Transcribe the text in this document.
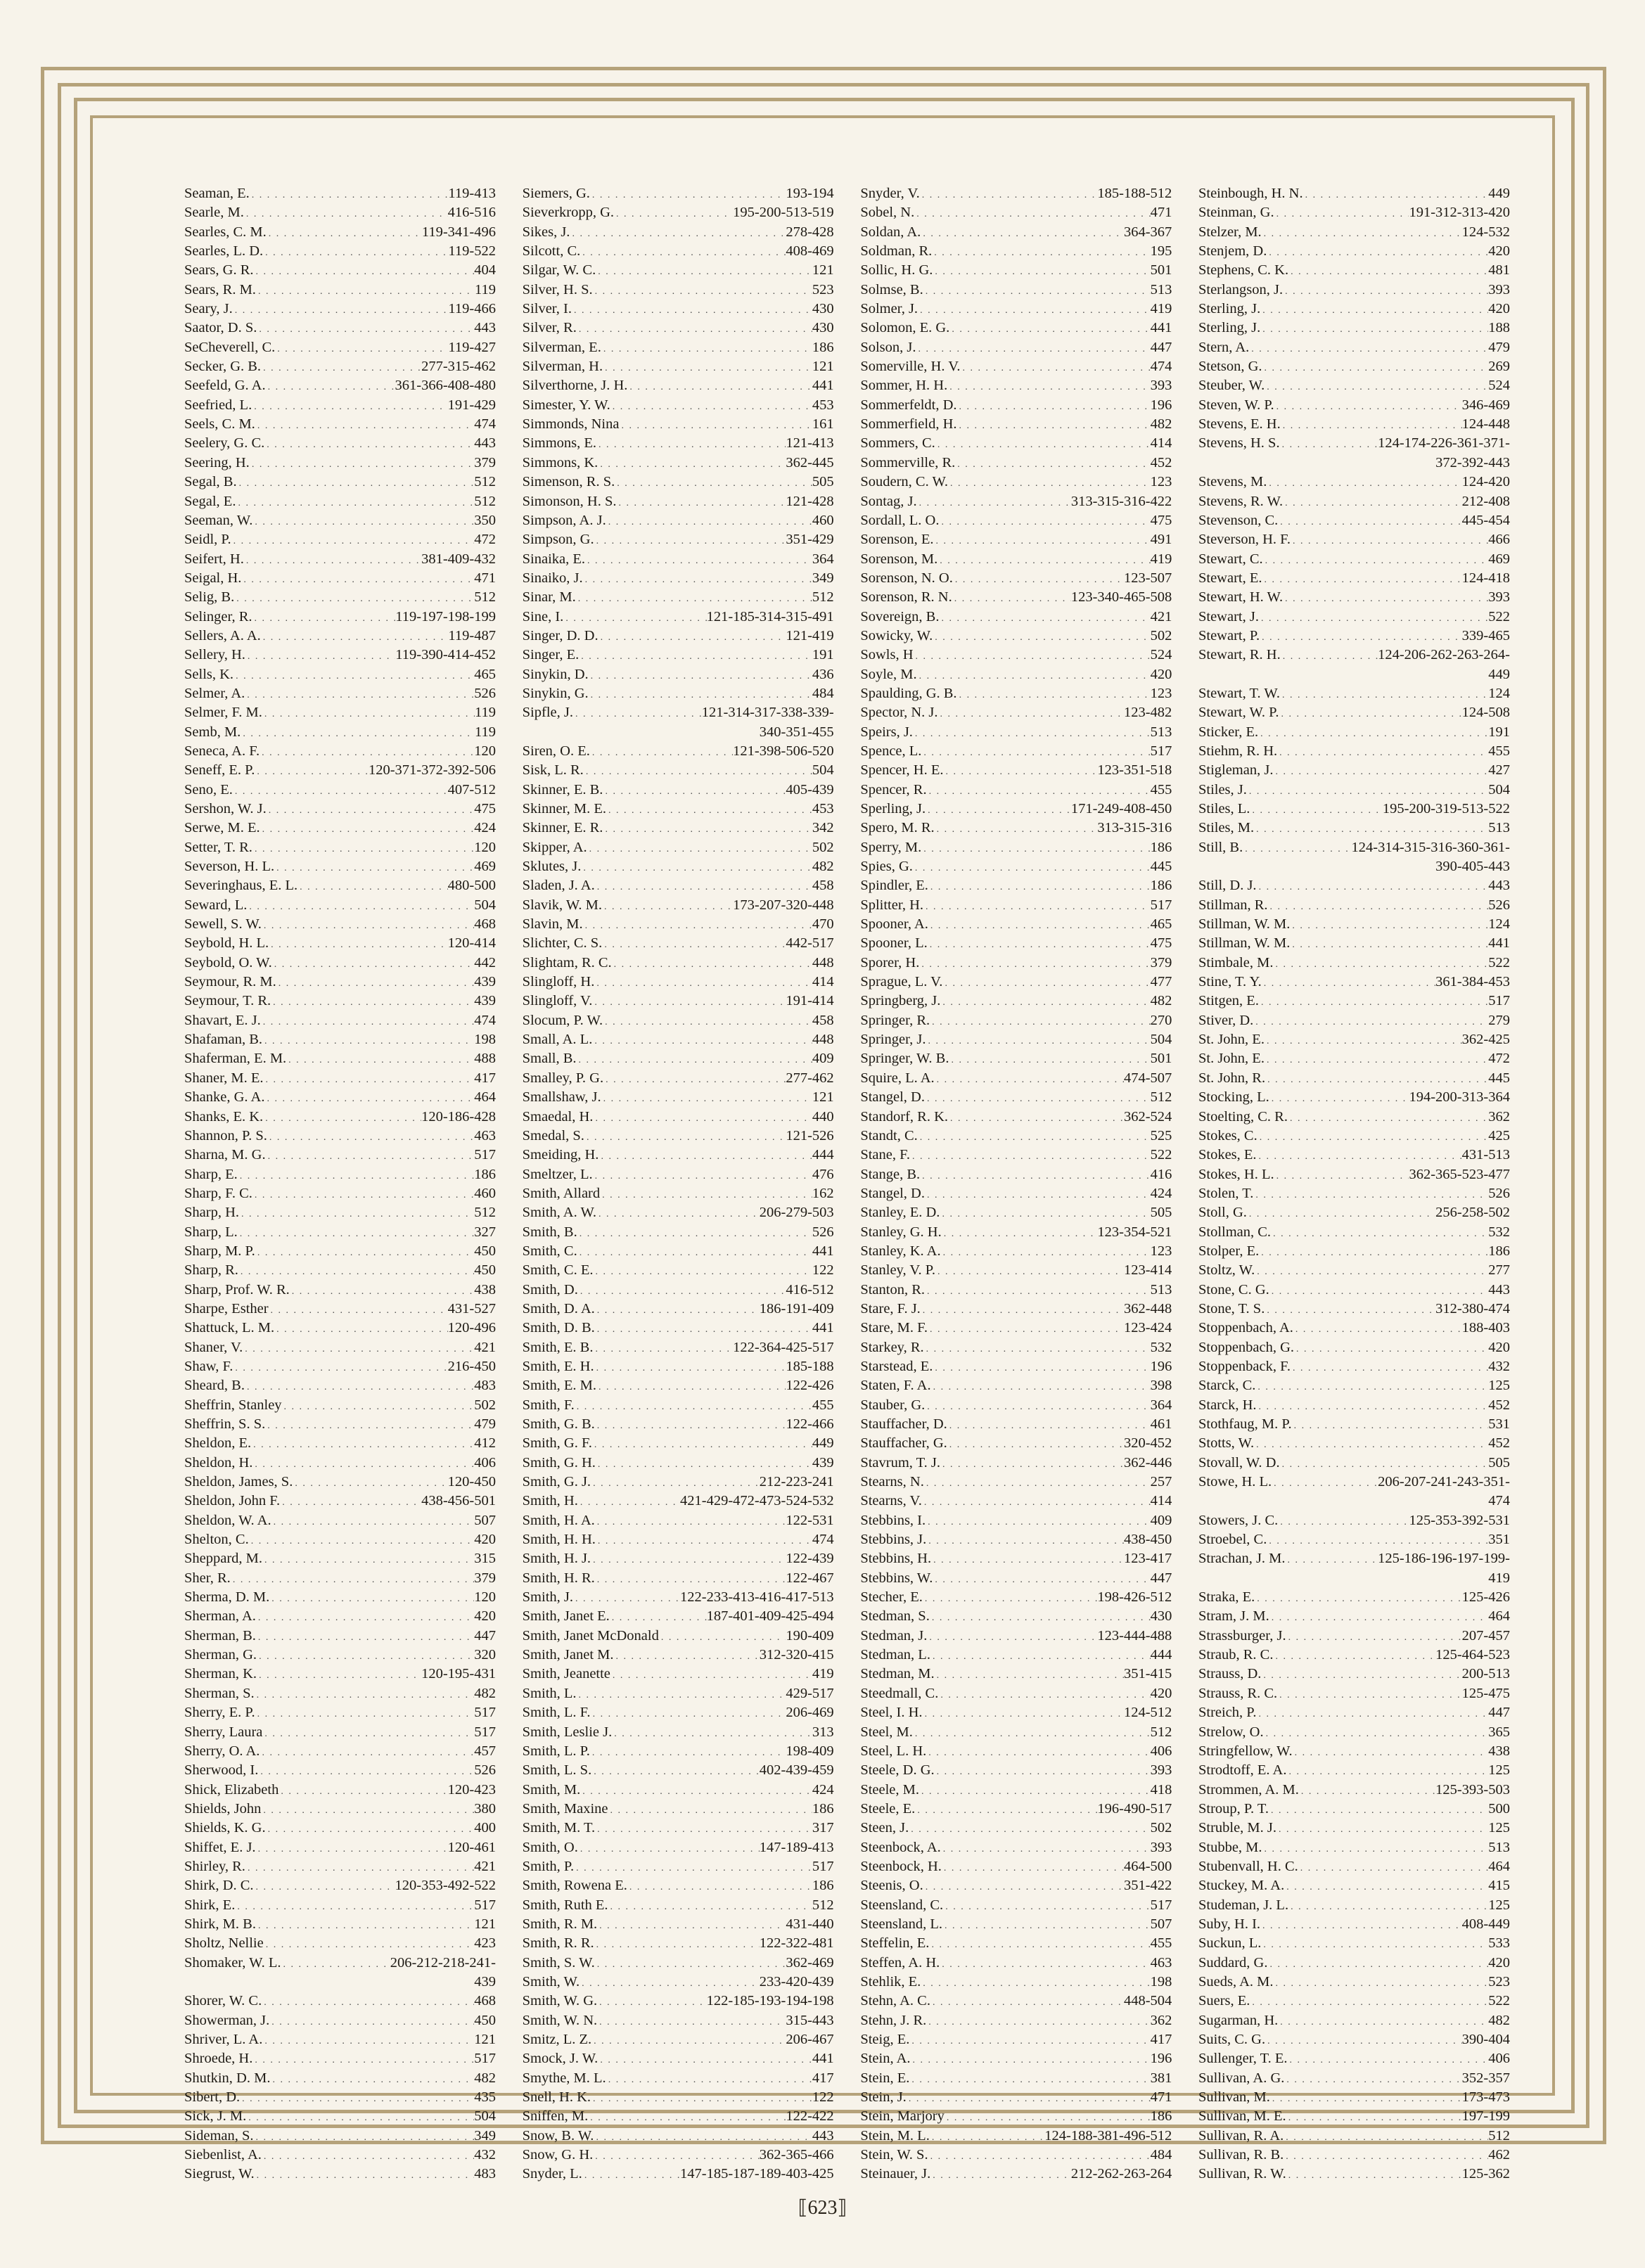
Seaman, E. . . .	119-413
Searle, M. . . .	416-516
Searles, C. M. . . .	119-341-496
Searles, L. D. . . .	119-522
Sears, G. R. . . .	404
Sears, R. M. . . .	119
Seary, J. . . .	119-466
Saator, D. S. . . .	443
SeCheverell, C. . . .	119-427
Secker, G. B. . . .	277-315-462
Seefeld, G. A. . . .	361-366-408-480
Seefried, L. . . .	191-429
Seels, C. M. . . .	474
Seelery, G. C. . . .	443
Seering, H. . . .	379
Segal, B. . . .	512
Segal, E. . . .	512
Seeman, W. . . .	350
Seidl, P. . . .	472
Seifert, H. . . .	381-409-432
Seigal, H. . . .	471
Selig, B. . . .	512
Selinger, R. . . .	119-197-198-199
Sellers, A. A. . . .	119-487
Sellery, H. . . .	119-390-414-452
Sells, K. . . .	465
Selmer, A. . . .	526
Selmer, F. M. . . .	119
Semb, M. . . .	119
Seneca, A. F. . . .	120
Seneff, E. P. . . .	120-371-372-392-506
Seno, E. . . .	407-512
Sershon, W. J. . . .	475
Serwe, M. E. . . .	424
Setter, T. R. . . .	120
Severson, H. L. . . .	469
Severinghaus, E. L. . . .	480-500
Seward, L. . . .	504
Sewell, S. W. . . .	468
Seybold, H. L. . . .	120-414
Seybold, O. W. . . .	442
Seymour, R. M. . . .	439
Seymour, T. R. . . .	439
Shavart, E. J. . . .	474
Shafaman, B. . . .	198
Shaferman, E. M. . . .	488
Shaner, M. E. . . .	417
Shanke, G. A. . . .	464
Shanks, E. K. . . .	120-186-428
Shannon, P. S. . . .	463
Sharna, M. G. . . .	517
Sharp, E. . . .	186
Sharp, F. C. . . .	460
Sharp, H. . . .	512
Sharp, L. . . .	327
Sharp, M. P. . . .	450
Sharp, R. . . .	450
Sharp, Prof. W. R. . . .	438
Sharpe, Esther . . .	431-527
Shattuck, L. M. . . .	120-496
Shaner, V. . . .	421
Shaw, F. . . .	216-450
Sheard, B. . . .	483
Sheffrin, Stanley . . .	502
Sheffrin, S. S. . . .	479
Sheldon, E. . . .	412
Sheldon, H. . . .	406
Sheldon, James, S. . . .	120-450
Sheldon, John F. . . .	438-456-501
Sheldon, W. A. . . .	507
Shelton, C. . . .	420
Sheppard, M. . . .	315
Sher, R. . . .	379
Sherma, D. M. . . .	120
Sherman, A. . . .	420
Sherman, B. . . .	447
Sherman, G. . . .	320
Sherman, K. . . .	120-195-431
Sherman, S. . . .	482
Sherry, E. P. . . .	517
Sherry, Laura . . .	517
Sherry, O. A. . . .	457
Sherwood, I. . . .	526
Shick, Elizabeth . . .	120-423
Shields, John . . .	380
Shields, K. G. . . .	400
Shiffet, E. J. . . .	120-461
Shirley, R. . . .	421
Shirk, D. C. . . .	120-353-492-522
Shirk, E. . . .	517
Shirk, M. B. . . .	121
Sholtz, Nellie . . .	423
Shomaker, W. L. . . .	206-212-218-241-
439
Shorer, W. C. . . .	468
Showerman, J. . . .	450
Shriver, L. A. . . .	121
Shroede, H. . . .	517
Shutkin, D. M. . . .	482
Sibert, D. . . .	435
Sick, J. M. . . .	504
Sideman, S. . . .	349
Siebenlist, A. . . .	432
Siegrust, W. . . .	483
Siemers, G. . . .	193-194
Sieverkropp, G. . . .	195-200-513-519
Sikes, J. . . .	278-428
Silcott, C. . . .	408-469
Silgar, W. C. . . .	121
Silver, H. S. . . .	523
Silver, I. . . .	430
Silver, R. . . .	430
Silverman, E. . . .	186
Silverman, H. . . .	121
Silverthorne, J. H. . . .	441
Simester, Y. W. . . .	453
Simmonds, Nina . . .	161
Simmons, E. . . .	121-413
Simmons, K. . . .	362-445
Simenson, R. S. . . .	505
Simonson, H. S. . . .	121-428
Simpson, A. J. . . .	460
Simpson, G. . . .	351-429
Sinaika, E. . . .	364
Sinaiko, J. . . .	349
Sinar, M. . . .	512
Sine, I. . . .	121-185-314-315-491
Singer, D. D. . . .	121-419
Singer, E. . . .	191
Sinykin, D. . . .	436
Sinykin, G. . . .	484
Sipfle, J. . . .	121-314-317-338-339-
340-351-455
Siren, O. E. . . .	121-398-506-520
Sisk, L. R. . . .	504
Skinner, E. B. . . .	405-439
Skinner, M. E. . . .	453
Skinner, E. R. . . .	342
Skipper, A. . . .	502
Sklutes, J. . . .	482
Sladen, J. A. . . .	458
Slavik, W. M. . . .	173-207-320-448
Slavin, M. . . .	470
Slichter, C. S. . . .	442-517
Slightam, R. C. . . .	448
Slingloff, H. . . .	414
Slingloff, V. . . .	191-414
Slocum, P. W. . . .	458
Small, A. L. . . .	448
Small, B. . . .	409
Smalley, P. G. . . .	277-462
Smallshaw, J. . . .	121
Smaedal, H. . . .	440
Smedal, S. . . .	121-526
Smeiding, H. . . .	444
Smeltzer, L. . . .	476
Smith, Allard . . .	162
Smith, A. W. . . .	206-279-503
Smith, B. . . .	526
Smith, C. . . .	441
Smith, C. E. . . .	122
Smith, D. . . .	416-512
Smith, D. A. . . .	186-191-409
Smith, D. B. . . .	441
Smith, E. B. . . .	122-364-425-517
Smith, E. H. . . .	185-188
Smith, E. M. . . .	122-426
Smith, F. . . .	455
Smith, G. B. . . .	122-466
Smith, G. F. . . .	449
Smith, G. H. . . .	439
Smith, G. J. . . .	212-223-241
Smith, H. . . .	421-429-472-473-524-532
Smith, H. A. . . .	122-531
Smith, H. H. . . .	474
Smith, H. J. . . .	122-439
Smith, H. R. . . .	122-467
Smith, J. . . .	122-233-413-416-417-513
Smith, Janet E. . . .	187-401-409-425-494
Smith, Janet McDonald . . .	190-409
Smith, Janet M. . . .	312-320-415
Smith, Jeanette . . .	419
Smith, L. . . .	429-517
Smith, L. F. . . .	206-469
Smith, Leslie J. . . .	313
Smith, L. P. . . .	198-409
Smith, L. S. . . .	402-439-459
Smith, M. . . .	424
Smith, Maxine . . .	186
Smith, M. T. . . .	317
Smith, O. . . .	147-189-413
Smith, P. . . .	517
Smith, Rowena E. . . .	186
Smith, Ruth E. . . .	512
Smith, R. M. . . .	431-440
Smith, R. R. . . .	122-322-481
Smith, S. W. . . .	362-469
Smith, W. . . .	233-420-439
Smith, W. G. . . .	122-185-193-194-198
Smith, W. N. . . .	315-443
Smitz, L. Z. . . .	206-467
Smock, J. W. . . .	441
Smythe, M. L. . . .	417
Snell, H. K. . . .	122
Sniffen, M. . . .	122-422
Snow, B. W. . . .	443
Snow, G. H. . . .	362-365-466
Snyder, L. . . .	147-185-187-189-403-425
Snyder, V. . . .	185-188-512
Sobel, N. . . .	471
Soldan, A. . . .	364-367
Soldman, R. . . .	195
Sollic, H. G. . . .	501
Solmse, B. . . .	513
Solmer, J. . . .	419
Solomon, E. G. . . .	441
Solson, J. . . .	447
Somerville, H. V. . . .	474
Sommer, H. H. . . .	393
Sommerfeldt, D. . . .	196
Sommerfield, H. . . .	482
Sommers, C. . . .	414
Sommerville, R. . . .	452
Soudern, C. W. . . .	123
Sontag, J. . . .	313-315-316-422
Sordall, L. O. . . .	475
Sorenson, E. . . .	491
Sorenson, M. . . .	419
Sorenson, N. O. . . .	123-507
Sorenson, R. N. . . .	123-340-465-508
Sovereign, B. . . .	421
Sowicky, W. . . .	502
Sowls, H . . .	524
Soyle, M. . . .	420
Spaulding, G. B. . . .	123
Spector, N. J. . . .	123-482
Speirs, J. . . .	513
Spence, L. . . .	517
Spencer, H. E. . . .	123-351-518
Spencer, R. . . .	455
Sperling, J. . . .	171-249-408-450
Spero, M. R. . . .	313-315-316
Sperry, M. . . .	186
Spies, G. . . .	445
Spindler, E. . . .	186
Splitter, H. . . .	517
Spooner, A. . . .	465
Spooner, L. . . .	475
Sporer, H. . . .	379
Sprague, L. V. . . .	477
Springberg, J. . . .	482
Springer, R. . . .	270
Springer, J. . . .	504
Springer, W. B. . . .	501
Squire, L. A. . . .	474-507
Stangel, D. . . .	512
Standorf, R. K. . . .	362-524
Standt, C. . . .	525
Stane, F. . . .	522
Stange, B. . . .	416
Stangel, D. . . .	424
Stanley, E. D. . . .	505
Stanley, G. H. . . .	123-354-521
Stanley, K. A. . . .	123
Stanley, V. P. . . .	123-414
Stanton, R. . . .	513
Stare, F. J. . . .	362-448
Stare, M. F. . . .	123-424
Starkey, R. . . .	532
Starstead, E. . . .	196
Staten, F. A. . . .	398
Stauber, G. . . .	364
Stauffacher, D. . . .	461
Stauffacher, G. . . .	320-452
Stavrum, T. J. . . .	362-446
Stearns, N. . . .	257
Stearns, V. . . .	414
Stebbins, I. . . .	409
Stebbins, J. . . .	438-450
Stebbins, H. . . .	123-417
Stebbins, W. . . .	447
Stecher, E. . . .	198-426-512
Stedman, S. . . .	430
Stedman, J. . . .	123-444-488
Stedman, L. . . .	444
Stedman, M. . . .	351-415
Steedmall, C. . . .	420
Steel, I. H. . . .	124-512
Steel, M. . . .	512
Steel, L. H. . . .	406
Steele, D. G. . . .	393
Steele, M. . . .	418
Steele, E. . . .	196-490-517
Steen, J. . . .	502
Steenbock, A. . . .	393
Steenbock, H. . . .	464-500
Steenis, O. . . .	351-422
Steensland, C. . . .	517
Steensland, L. . . .	507
Steffelin, E. . . .	455
Steffen, A. H. . . .	463
Stehlik, E. . . .	198
Stehn, A. C. . . .	448-504
Stehn, J. R. . . .	362
Steig, E. . . .	417
Stein, A. . . .	196
Stein, E. . . .	381
Stein, J. . . .	471
Stein, Marjory . . .	186
Stein, M. L. . . .	124-188-381-496-512
Stein, W. S. . . .	484
Steinauer, J. . . .	212-262-263-264
Steinbough, H. N. . . .	449
Steinman, G. . . .	191-312-313-420
Stelzer, M. . . .	124-532
Stenjem, D. . . .	420
Stephens, C. K. . . .	481
Sterlangson, J. . . .	393
Sterling, J. . . .	420
Sterling, J. . . .	188
Stern, A. . . .	479
Stetson, G. . . .	269
Steuber, W. . . .	524
Steven, W. P. . . .	346-469
Stevens, E. H. . . .	124-448
Stevens, H. S. . . .	124-174-226-361-371-
372-392-443
Stevens, M. . . .	124-420
Stevens, R. W. . . .	212-408
Stevenson, C. . . .	445-454
Steverson, H. F. . . .	466
Stewart, C. . . .	469
Stewart, E. . . .	124-418
Stewart, H. W. . . .	393
Stewart, J. . . .	522
Stewart, P. . . .	339-465
Stewart, R. H. . . .	124-206-262-263-264-
449
Stewart, T. W. . . .	124
Stewart, W. P. . . .	124-508
Sticker, E. . . .	191
Stiehm, R. H. . . .	455
Stigleman, J. . . .	427
Stiles, J. . . .	504
Stiles, L. . . .	195-200-319-513-522
Stiles, M. . . .	513
Still, B. . . .	124-314-315-316-360-361-
390-405-443
Still, D. J. . . .	443
Stillman, R. . . .	526
Stillman, W. M. . . .	124
Stillman, W. M. . . .	441
Stimbale, M. . . .	522
Stine, T. Y. . . .	361-384-453
Stitgen, E. . . .	517
Stiver, D. . . .	279
St. John, E. . . .	362-425
St. John, E. . . .	472
St. John, R. . . .	445
Stocking, L. . . .	194-200-313-364
Stoelting, C. R. . . .	362
Stokes, C. . . .	425
Stokes, E. . . .	431-513
Stokes, H. L. . . .	362-365-523-477
Stolen, T. . . .	526
Stoll, G. . . .	256-258-502
Stollman, C. . . .	532
Stolper, E. . . .	186
Stoltz, W. . . .	277
Stone, C. G. . . .	443
Stone, T. S. . . .	312-380-474
Stoppenbach, A. . . .	188-403
Stoppenbach, G. . . .	420
Stoppenback, F. . . .	432
Starck, C. . . .	125
Starck, H. . . .	452
Stothfaug, M. P. . . .	531
Stotts, W. . . .	452
Stovall, W. D. . . .	505
Stowe, H. L. . . .	206-207-241-243-351-
474
Stowers, J. C. . . .	125-353-392-531
Stroebel, C. . . .	351
Strachan, J. M. . . .	125-186-196-197-199-
419
Straka, E. . . .	125-426
Stram, J. M. . . .	464
Strassburger, J. . . .	207-457
Straub, R. C. . . .	125-464-523
Strauss, D. . . .	200-513
Strauss, R. C. . . .	125-475
Streich, P. . . .	447
Strelow, O. . . .	365
Stringfellow, W. . . .	438
Strodtoff, E. A. . . .	125
Strommen, A. M. . . .	125-393-503
Stroup, P. T. . . .	500
Struble, M. J. . . .	125
Stubbe, M. . . .	513
Stubenvall, H. C. . . .	464
Stuckey, M. A. . . .	415
Studeman, J. L. . . .	125
Suby, H. I. . . .	408-449
Suckun, L. . . .	533
Suddard, G. . . .	420
Sueds, A. M. . . .	523
Suers, E. . . .	522
Sugarman, H. . . .	482
Suits, C. G. . . .	390-404
Sullenger, T. E. . . .	406
Sullivan, A. G. . . .	352-357
Sullivan, M. . . .	173-473
Sullivan, M. E. . . .	197-199
Sullivan, R. A. . . .	512
Sullivan, R. B. . . .	462
Sullivan, R. W. . . .	125-362
⟦623⟧
